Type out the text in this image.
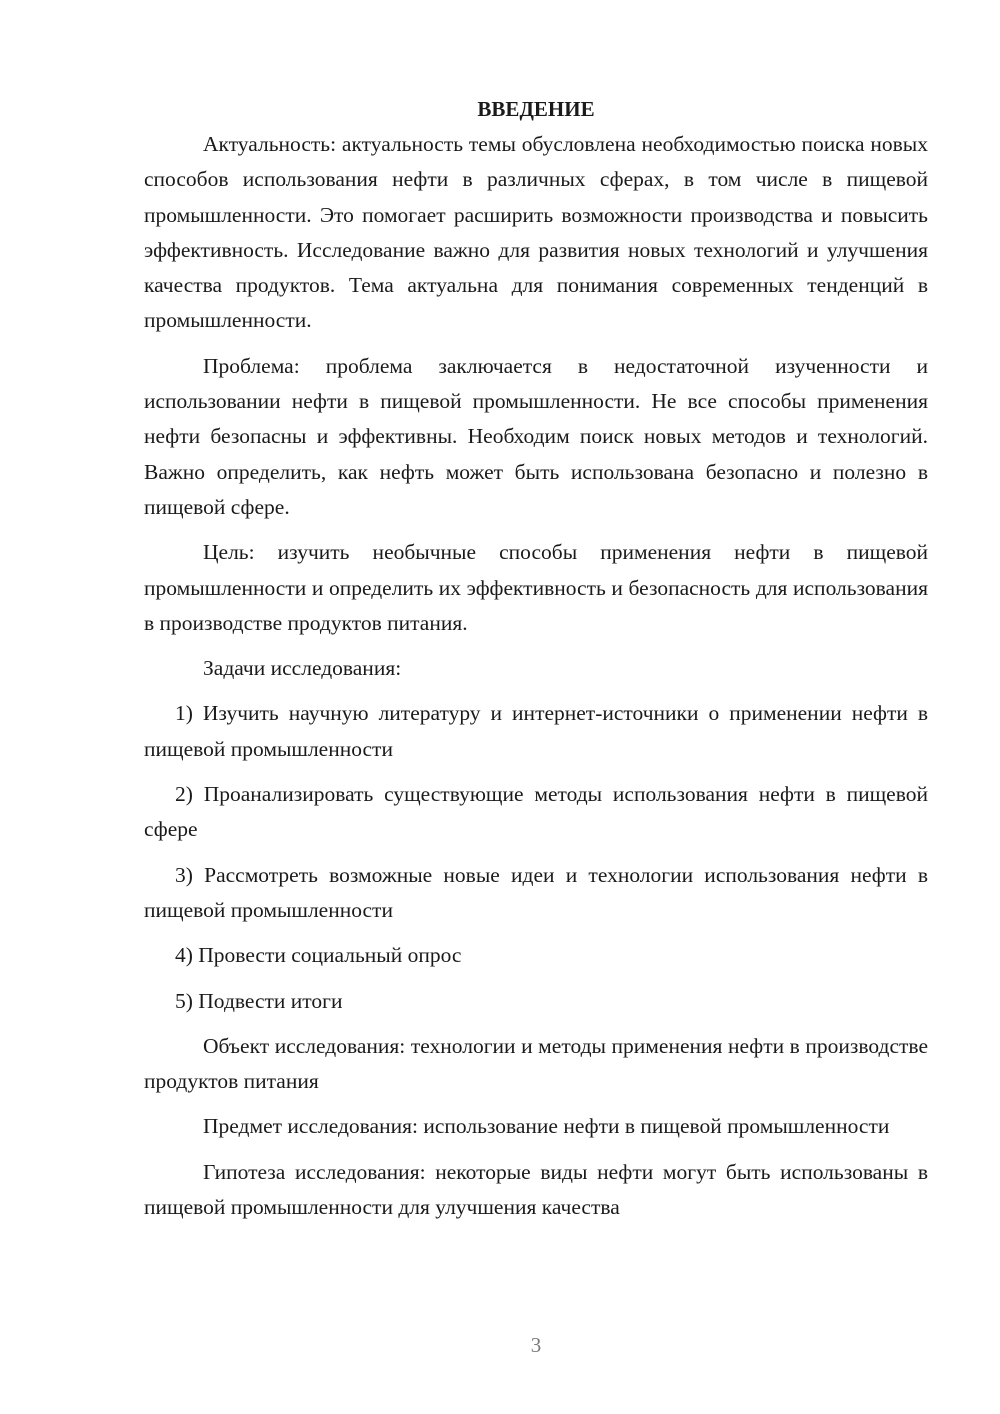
ВВЕДЕНИЕ

Актуальность: актуальность темы обусловлена необходимостью поиска новых способов использования нефти в различных сферах, в том числе в пищевой промышленности. Это помогает расширить возможности производства и повысить эффективность. Исследование важно для развития новых технологий и улучшения качества продуктов. Тема актуальна для понимания современных тенденций в промышленности.

Проблема: проблема заключается в недостаточной изученности и использовании нефти в пищевой промышленности. Не все способы применения нефти безопасны и эффективны. Необходим поиск новых методов и технологий. Важно определить, как нефть может быть использована безопасно и полезно в пищевой сфере.

Цель: изучить необычные способы применения нефти в пищевой промышленности и определить их эффективность и безопасность для использования в производстве продуктов питания.

Задачи исследования:

1) Изучить научную литературу и интернет-источники о применении нефти в пищевой промышленности

2) Проанализировать существующие методы использования нефти в пищевой сфере

3) Рассмотреть возможные новые идеи и технологии использования нефти в пищевой промышленности

4) Провести социальный опрос

5) Подвести итоги

Объект исследования: технологии и методы применения нефти в производстве продуктов питания

Предмет исследования: использование нефти в пищевой промышленности

Гипотеза исследования: некоторые виды нефти могут быть использованы в пищевой промышленности для улучшения качества

3
